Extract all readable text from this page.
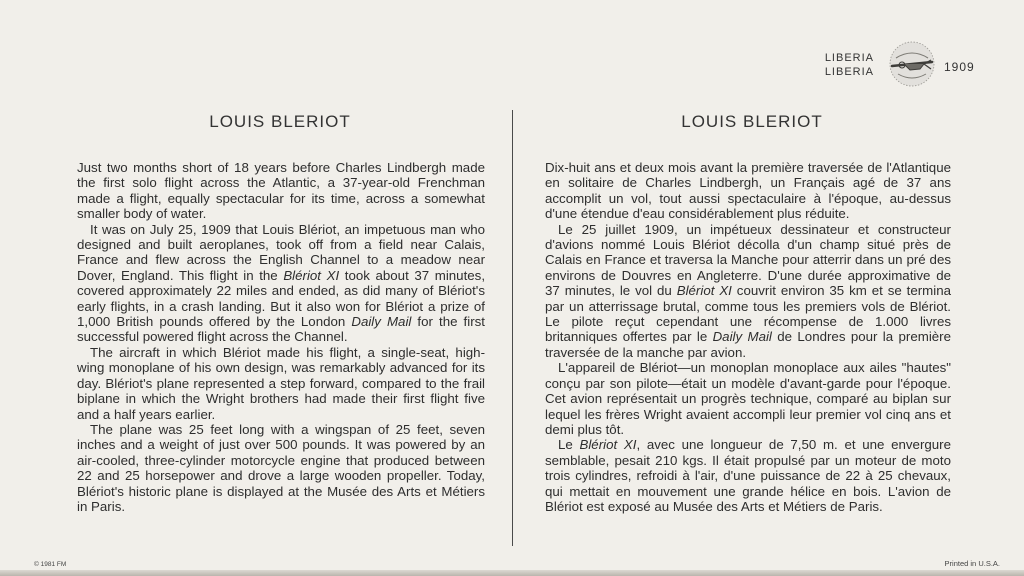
LIBERIA
LIBERIA	1909
LOUIS BLERIOT	LOUIS BLERIOT

Just two months short of 18 years before Charles Lindbergh made the first solo flight across the Atlantic, a 37-year-old Frenchman made a flight, equally spectacular for its time, across a somewhat smaller body of water.

It was on July 25, 1909 that Louis Blériot, an impetuous man who designed and built aeroplanes, took off from a field near Calais, France and flew across the English Channel to a meadow near Dover, England. This flight in the Blériot XI took about 37 minutes, covered approximately 22 miles and ended, as did many of Blériot's early flights, in a crash landing. But it also won for Blériot a prize of 1,000 British pounds offered by the London Daily Mail for the first successful powered flight across the Channel.

The aircraft in which Blériot made his flight, a single-seat, high-wing monoplane of his own design, was remarkably advanced for its day. Blériot's plane represented a step forward, compared to the frail biplane in which the Wright brothers had made their first flight five and a half years earlier.

The plane was 25 feet long with a wingspan of 25 feet, seven inches and a weight of just over 500 pounds. It was powered by an air-cooled, three-cylinder motorcycle engine that produced between 22 and 25 horsepower and drove a large wooden propeller. Today, Blériot's historic plane is displayed at the Musée des Arts et Métiers in Paris.

Dix-huit ans et deux mois avant la première traversée de l'Atlantique en solitaire de Charles Lindbergh, un Français agé de 37 ans accomplit un vol, tout aussi spectaculaire à l'époque, au-dessus d'une étendue d'eau considérablement plus réduite.

Le 25 juillet 1909, un impétueux dessinateur et constructeur d'avions nommé Louis Blériot décolla d'un champ situé près de Calais en France et traversa la Manche pour atterrir dans un pré des environs de Douvres en Angleterre. D'une durée approximative de 37 minutes, le vol du Blériot XI couvrit environ 35 km et se termina par un atterrissage brutal, comme tous les premiers vols de Blériot. Le pilote reçut cependant une récompense de 1.000 livres britanniques offertes par le Daily Mail de Londres pour la première traversée de la manche par avion.

L'appareil de Blériot—un monoplan monoplace aux ailes "hautes" conçu par son pilote—était un modèle d'avant-garde pour l'époque. Cet avion représentait un progrès technique, comparé au biplan sur lequel les frères Wright avaient accompli leur premier vol cinq ans et demi plus tôt.

Le Blériot XI, avec une longueur de 7,50 m. et une envergure semblable, pesait 210 kgs. Il était propulsé par un moteur de moto trois cylindres, refroidi à l'air, d'une puissance de 22 à 25 chevaux, qui mettait en mouvement une grande hélice en bois. L'avion de Blériot est exposé au Musée des Arts et Métiers de Paris.

© 1981 FM	Printed in U.S.A.
